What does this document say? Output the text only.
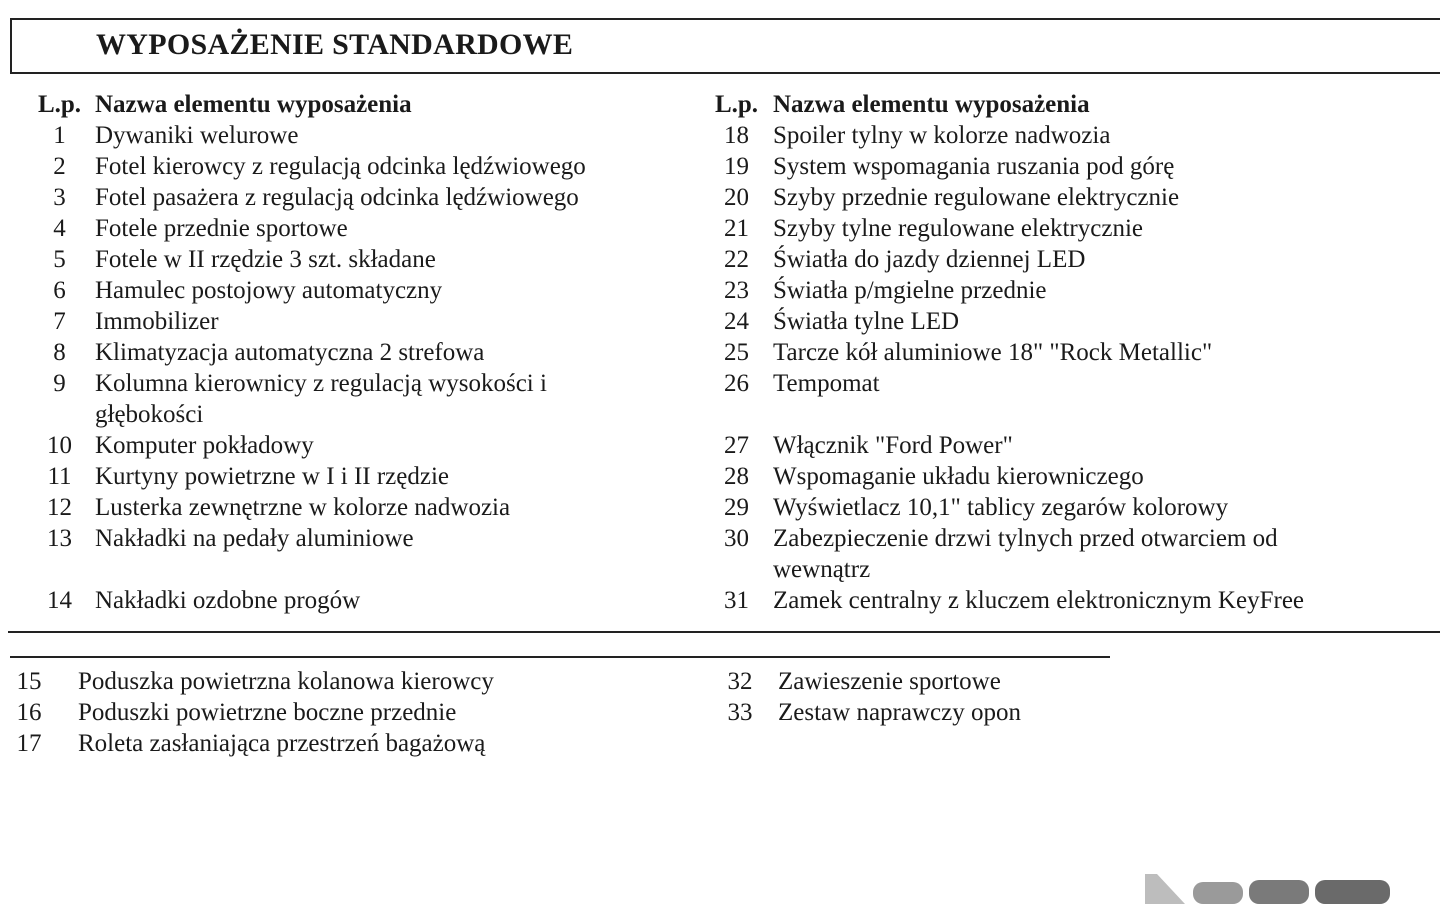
WYPOSAŻENIE STANDARDOWE
L.p.	Nazwa elementu wyposażenia	L.p.	Nazwa elementu wyposażenia
1	Dywaniki welurowe	18	Spoiler tylny w kolorze nadwozia
2	Fotel kierowcy z regulacją odcinka lędźwiowego	19	System wspomagania ruszania pod górę
3	Fotel pasażera z regulacją odcinka lędźwiowego	20	Szyby przednie regulowane elektrycznie
4	Fotele przednie sportowe	21	Szyby tylne regulowane elektrycznie
5	Fotele w II rzędzie 3 szt. składane	22	Światła do jazdy dziennej LED
6	Hamulec postojowy automatyczny	23	Światła p/mgielne przednie
7	Immobilizer	24	Światła tylne LED
8	Klimatyzacja automatyczna 2 strefowa	25	Tarcze kół aluminiowe 18" "Rock Metallic"
9	Kolumna kierownicy z regulacją wysokości i głębokości	26	Tempomat
10	Komputer pokładowy	27	Włącznik "Ford Power"
11	Kurtyny powietrzne w I i II rzędzie	28	Wspomaganie układu kierowniczego
12	Lusterka zewnętrzne w kolorze nadwozia	29	Wyświetlacz 10,1" tablicy zegarów kolorowy
13	Nakładki na pedały aluminiowe	30	Zabezpieczenie drzwi tylnych przed otwarciem od wewnątrz
14	Nakładki ozdobne progów	31	Zamek centralny z kluczem elektronicznym KeyFree
15	Poduszka powietrzna kolanowa kierowcy	32	Zawieszenie sportowe
16	Poduszki powietrzne boczne przednie	33	Zestaw naprawczy opon
17	Roleta zasłaniająca przestrzeń bagażową		
